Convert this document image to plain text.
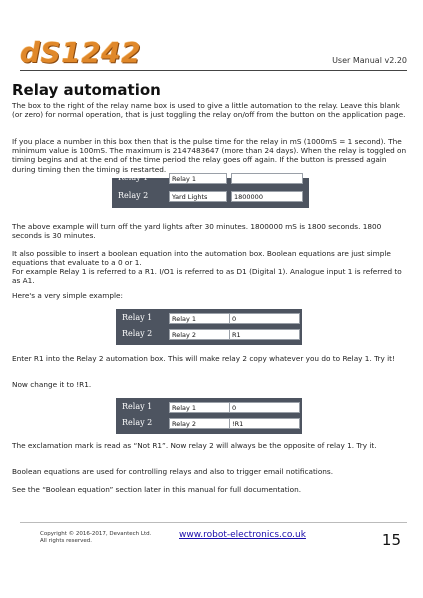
dS1242	User Manual v2.20
Relay automation

The box to the right of the relay name box is used to give a little automation to the relay. Leave this blank (or zero) for normal operation, that is just toggling the relay on/off from the button on the application page.

If you place a number in this box then that is the pulse time for the relay in mS (1000mS = 1 second). The minimum value is 100mS. The maximum is 2147483647 (more than 24 days). When the relay is toggled on timing begins and at the end of the time period the relay goes off again. If the button is pressed again during timing then the timing is restarted.

Relay 1	Relay 1
Relay 2	Yard Lights	1800000

The above example will turn off the yard lights after 30 minutes. 1800000 mS is 1800 seconds. 1800 seconds is 30 minutes.

It also possible to insert a boolean equation into the automation box. Boolean equations are just simple equations that evaluate to a 0 or 1.

For example Relay 1 is referred to a R1. I/O1 is referred to as D1 (Digital 1). Analogue input 1 is referred to as A1.

Here's a very simple example:

Relay 1	Relay 1	0
Relay 2	Relay 2	R1

Enter R1 into the Relay 2 automation box. This will make relay 2 copy whatever you do to Relay 1. Try it!

Now change it to !R1.

Relay 1	Relay 1	0
Relay 2	Relay 2	!R1

The exclamation mark is read as “Not R1”. Now relay 2 will always be the opposite of relay 1. Try it.

Boolean equations are used for controlling relays and also to trigger email notifications.

See the “Boolean equation” section later in this manual for full documentation.

Copyright © 2016-2017, Devantech Ltd.
All rights reserved.
www.robot-electronics.co.uk	15
